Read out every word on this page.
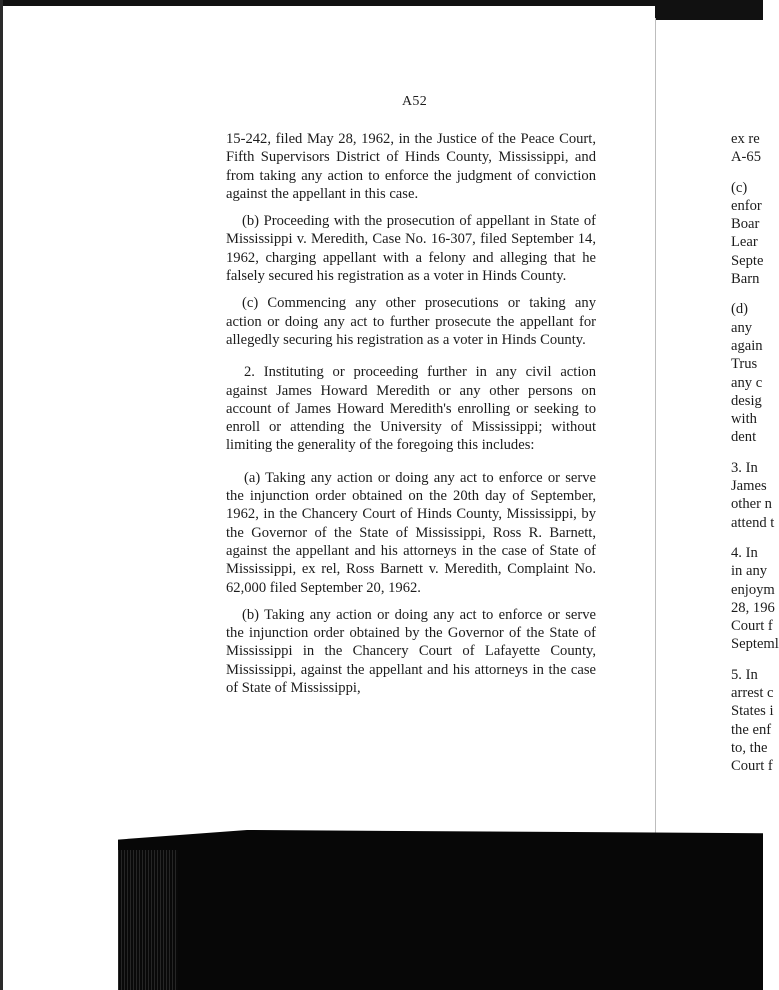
A52

15-242, filed May 28, 1962, in the Justice of the Peace Court, Fifth Supervisors District of Hinds County, Mississippi, and from taking any action to enforce the judgment of conviction against the appellant in this case.

(b) Proceeding with the prosecution of appellant in State of Mississippi v. Meredith, Case No. 16-307, filed September 14, 1962, charging appellant with a felony and alleging that he falsely secured his registration as a voter in Hinds County.

(c) Commencing any other prosecutions or taking any action or doing any act to further prosecute the appellant for allegedly securing his registration as a voter in Hinds County.

2. Instituting or proceeding further in any civil action against James Howard Meredith or any other persons on account of James Howard Meredith's enrolling or seeking to enroll or attending the University of Mississippi; without limiting the generality of the foregoing this includes:

(a) Taking any action or doing any act to enforce or serve the injunction order obtained on the 20th day of September, 1962, in the Chancery Court of Hinds County, Mississippi, by the Governor of the State of Mississippi, Ross R. Barnett, against the appellant and his attorneys in the case of State of Mississippi, ex rel, Ross Barnett v. Meredith, Complaint No. 62,000 filed September 20, 1962.

(b) Taking any action or doing any act to enforce or serve the injunction order obtained by the Governor of the State of Mississippi in the Chancery Court of Lafayette County, Mississippi, against the appellant and his attorneys in the case of State of Mississippi,

ex re
A-65
(c)
enfor
Boar
Lear
Septe
Barn
(d)
any
again
Trus
any c
desig
with
dent
3. In
James
other n
attend t
4. In
in any
enjoym
28, 196
Court f
Septeml
5. In
arrest c
States i
the enf
to, the
Court f
